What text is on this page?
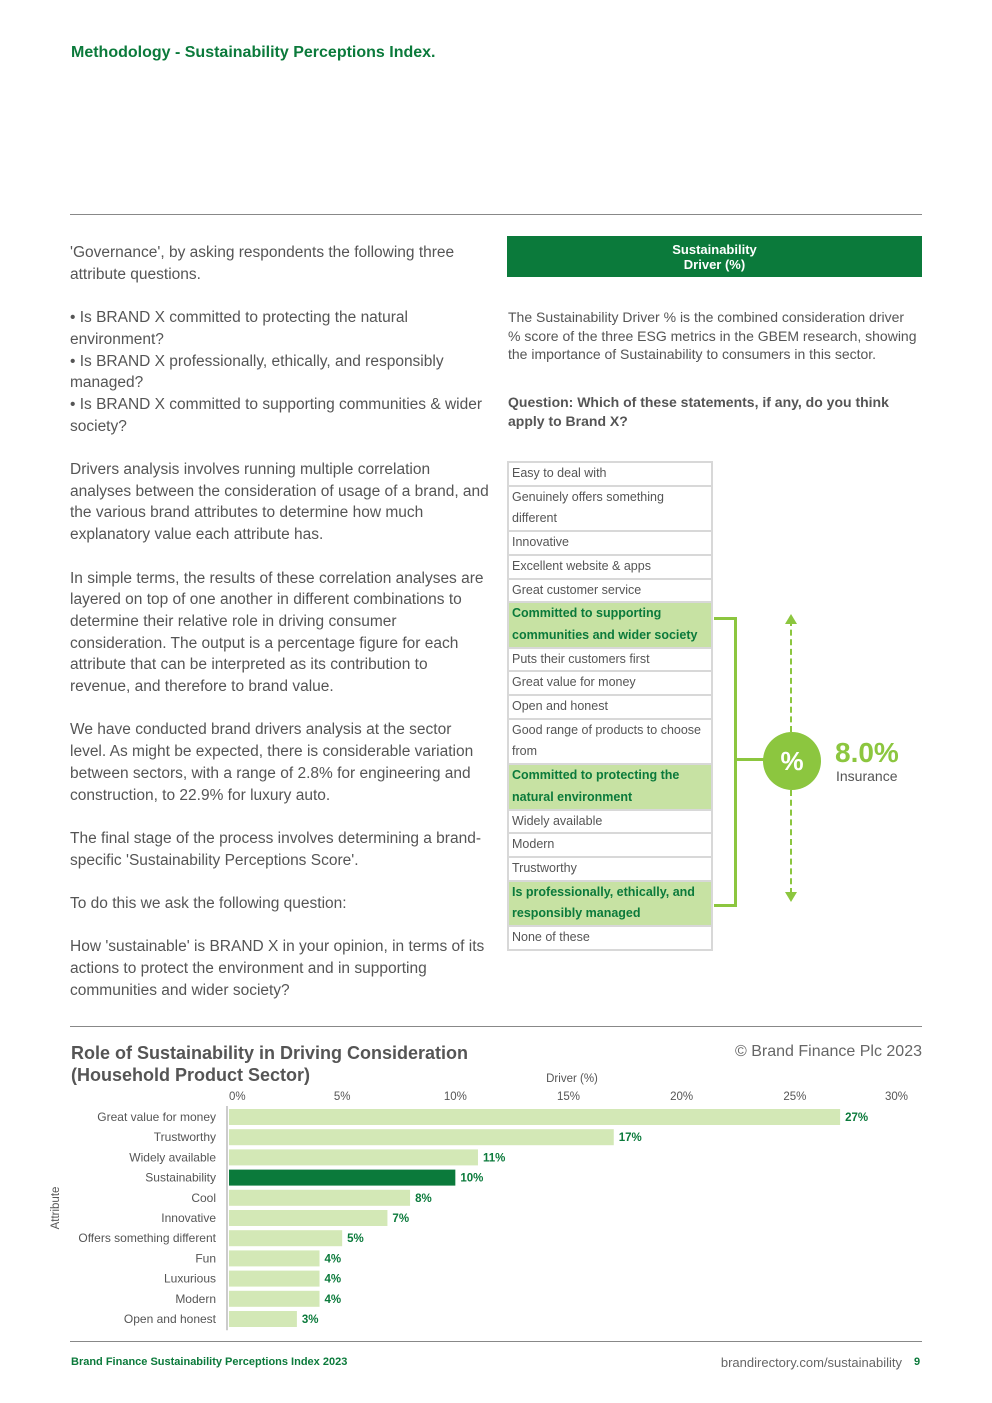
Methodology - Sustainability Perceptions Index.

'Governance', by asking respondents the following three attribute questions.

• Is BRAND X committed to protecting the natural environment?
• Is BRAND X professionally, ethically, and responsibly managed?

• Is BRAND X committed to supporting communities & wider society?

Drivers analysis involves running multiple correlation analyses between the consideration of usage of a brand, and the various brand attributes to determine how much explanatory value each attribute has.

In simple terms, the results of these correlation analyses are layered on top of one another in different combinations to determine their relative role in driving consumer consideration. The output is a percentage figure for each attribute that can be interpreted as its contribution to revenue, and therefore to brand value.

We have conducted brand drivers analysis at the sector level. As might be expected, there is considerable variation between sectors, with a range of 2.8% for engineering and construction, to 22.9% for luxury auto.

The final stage of the process involves determining a brand-specific 'Sustainability Perceptions Score'.

To do this we ask the following question:

How 'sustainable' is BRAND X in your opinion, in terms of its actions to protect the environment and in supporting communities and wider society?

Sustainability
Driver (%)
The Sustainability Driver % is the combined consideration driver % score of the three ESG metrics in the GBEM research, showing the importance of Sustainability to consumers in this sector.
Question: Which of these statements, if any, do you think apply to Brand X?
Easy to deal with
Genuinely offers something different
Innovative
Excellent website & apps
Great customer service
Committed to supporting communities and wider society
Puts their customers first
Great value for money
Open and honest
Good range of products to choose from
Committed to protecting the natural environment
Widely available
Modern
Trustworthy
Is professionally, ethically, and responsibly managed
None of these
%	8.0%
Insurance
Role of Sustainability in Driving Consideration (Household Product Sector)
© Brand Finance Plc 2023
Driver (%)
Attribute
0%	5%	10%	15%	20%	25%	30%
Great value for money	27%
Trustworthy	17%
Widely available	11%
Sustainability	10%
Cool	8%
Innovative	7%
Offers something different	5%
Fun	4%
Luxurious	4%
Modern	4%
Open and honest	3%
Brand Finance Sustainability Perceptions Index 2023	brandirectory.com/sustainability 9
